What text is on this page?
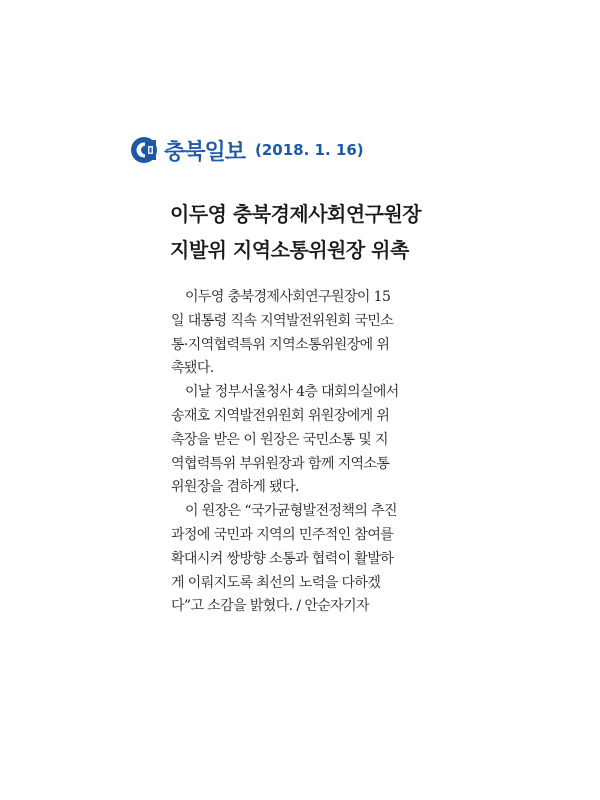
충북일보 (2018. 1. 16)
이두영 충북경제사회연구원장
지발위 지역소통위원장 위촉
이두영 충북경제사회연구원장이 15
일 대통령 직속 지역발전위원회 국민소
통·지역협력특위 지역소통위원장에 위
촉됐다.
이날 정부서울청사 4층 대회의실에서
송재호 지역발전위원회 위원장에게 위
촉장을 받은 이 원장은 국민소통 및 지
역협력특위 부위원장과 함께 지역소통
위원장을 겸하게 됐다.
이 원장은 “국가균형발전정책의 추진
과정에 국민과 지역의 민주적인 참여를
확대시켜 쌍방향 소통과 협력이 활발하
게 이뤄지도록 최선의 노력을 다하겠
다”고 소감을 밝혔다. / 안순자기자
